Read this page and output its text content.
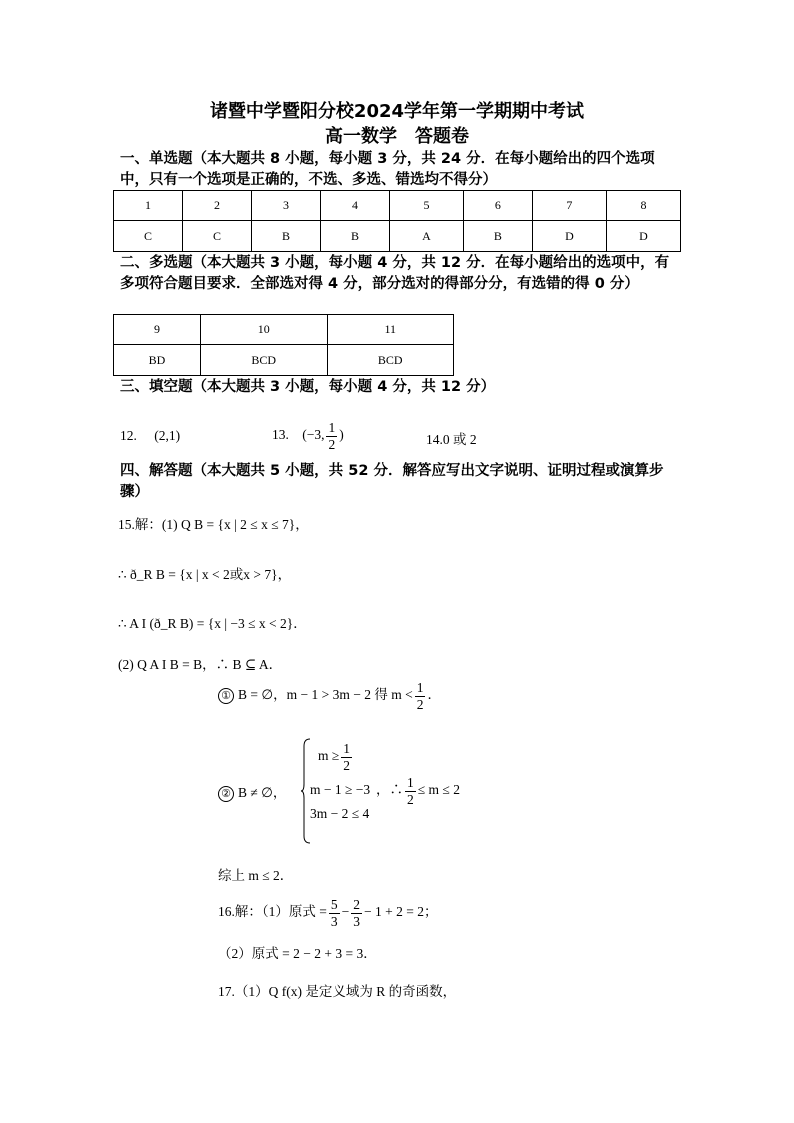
诸暨中学暨阳分校2024学年第一学期期中考试
高一数学　答题卷
一、单选题（本大题共 8 小题，每小题 3 分，共 24 分．在每小题给出的四个选项中，只有一个选项是正确的，不选、多选、错选均不得分）
1	2	3	4	5	6	7	8
C	C	B	B	A	B	D	D
二、多选题（本大题共 3 小题，每小题 4 分，共 12 分．在每小题给出的选项中，有多项符合题目要求．全部选对得 4 分，部分选对的得部分分，有选错的得 0 分）
9	10	11
BD	BCD	BCD
三、填空题（本大题共 3 小题，每小题 4 分，共 12 分）
12. (2,1)	13. (−3, $\frac{1}{2}$ )	14.0 或 2
四、解答题（本大题共 5 小题，共 52 分．解答应写出文字说明、证明过程或演算步骤）
15.解：(1) Q B = {x | 2 ≤ x ≤ 7}，
∴ ð_R B = {x | x < 2或x > 7}，
∴ A I (ð_R B) = {x | −3 ≤ x < 2}．
(2) Q A I B = B，∴ B ⊆ A．
① B = ∅，m − 1 > 3m − 2 得 $m < \frac{1}{2}$ ．
② B ≠ ∅，
$m \ge \frac{1}{2}$
m − 1 ≥ −3
3m − 2 ≤ 4
，∴ $\frac{1}{2} \le m \le 2$
综上 m ≤ 2．
16.解：（1）原式 = $\frac{5}{3} - \frac{2}{3} - 1 + 2 = 2$；
（2）原式 = 2 − 2 + 3 = 3．
17.（1）Q f(x) 是定义域为 R 的奇函数，
